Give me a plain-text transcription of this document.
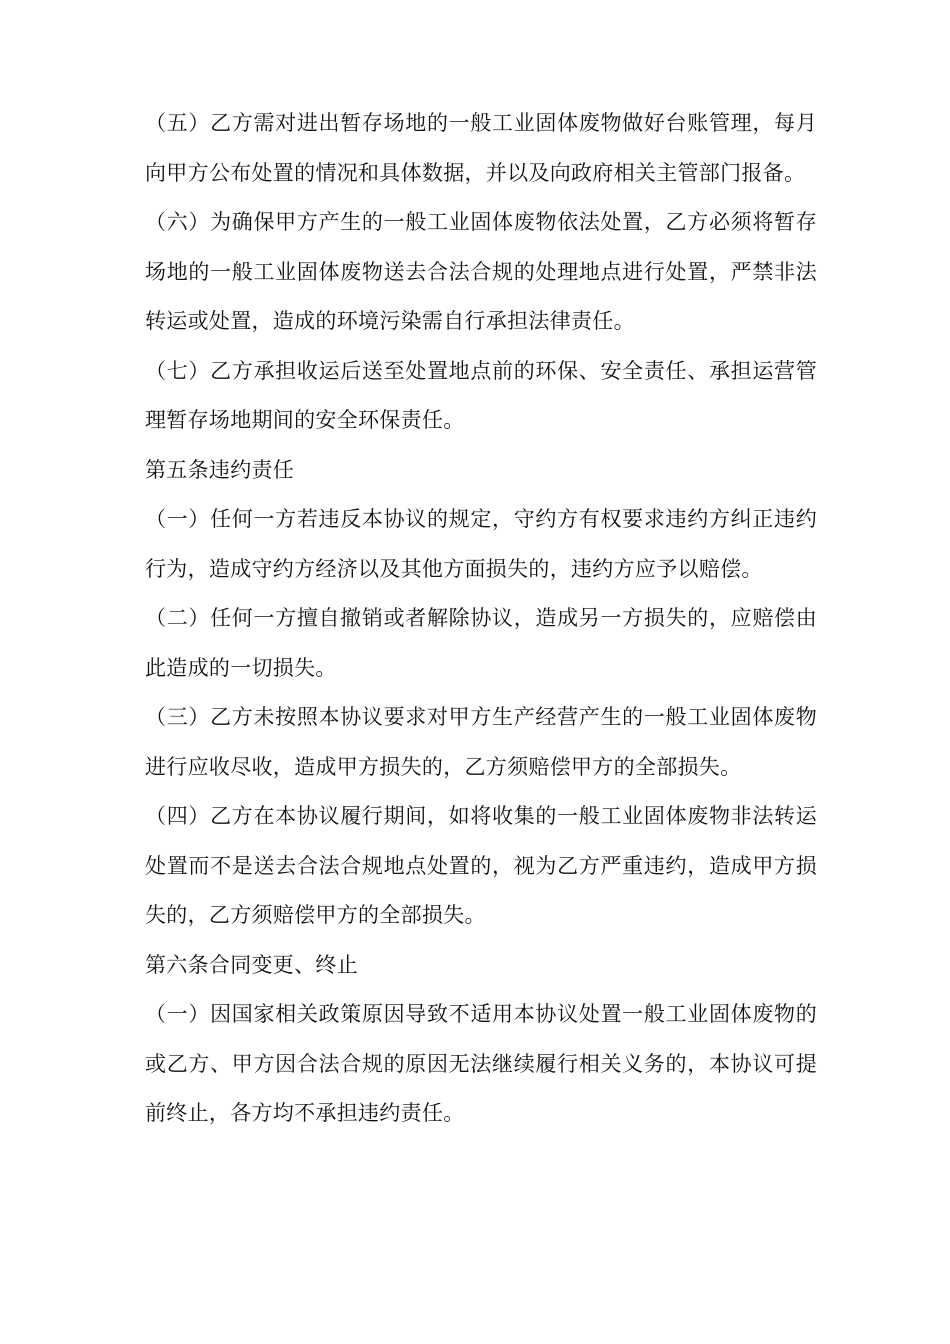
（五）乙方需对进出暂存场地的一般工业固体废物做好台账管理，每月向甲方公布处置的情况和具体数据，并以及向政府相关主管部门报备。

（六）为确保甲方产生的一般工业固体废物依法处置，乙方必须将暂存场地的一般工业固体废物送去合法合规的处理地点进行处置，严禁非法转运或处置，造成的环境污染需自行承担法律责任。

（七）乙方承担收运后送至处置地点前的环保、安全责任、承担运营管理暂存场地期间的安全环保责任。

第五条违约责任

（一）任何一方若违反本协议的规定，守约方有权要求违约方纠正违约行为，造成守约方经济以及其他方面损失的，违约方应予以赔偿。

（二）任何一方擅自撤销或者解除协议，造成另一方损失的，应赔偿由此造成的一切损失。

（三）乙方未按照本协议要求对甲方生产经营产生的一般工业固体废物进行应收尽收，造成甲方损失的，乙方须赔偿甲方的全部损失。

（四）乙方在本协议履行期间，如将收集的一般工业固体废物非法转运处置而不是送去合法合规地点处置的，视为乙方严重违约，造成甲方损失的，乙方须赔偿甲方的全部损失。

第六条合同变更、终止

（一）因国家相关政策原因导致不适用本协议处置一般工业固体废物的或乙方、甲方因合法合规的原因无法继续履行相关义务的，本协议可提前终止，各方均不承担违约责任。
